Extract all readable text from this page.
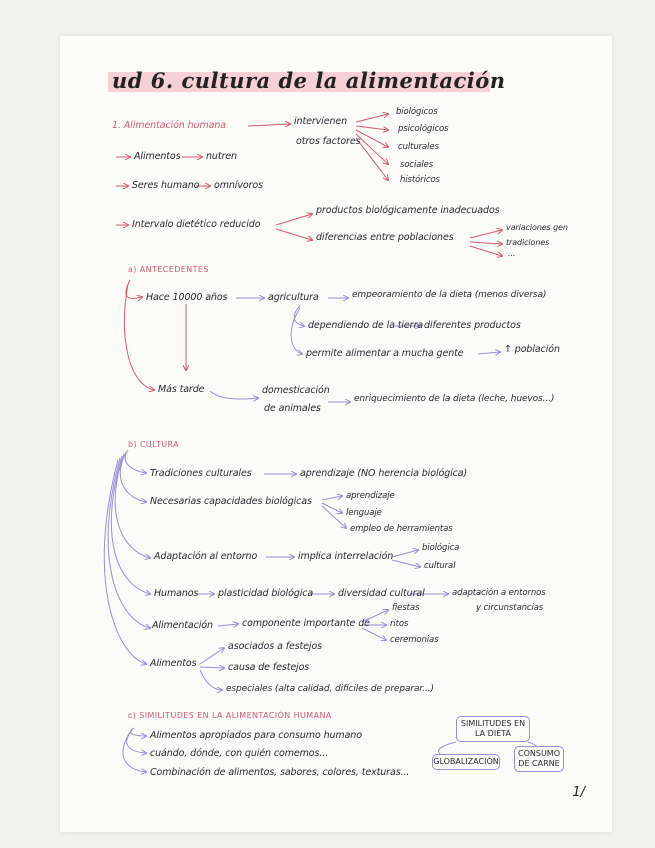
ud 6. cultura de la alimentación
1. Alimentación humana	intervienen
otros factores
biológicos
psicológicos
culturales
sociales
históricos
Alimentos	nutren
Seres humano omnívoros
Intervalo dietético reducido
productos biológicamente inadecuados
diferencias entre poblaciones
variaciones gen
tradiciones
...
a) ANTECEDENTES
Hace 10000 años	agricultura	empeoramiento de la dieta (menos diversa)
dependiendo de la tierra diferentes productos
permite alimentar a mucha gente	↑ población
Más tarde	domesticación
de animales
enriquecimiento de la dieta (leche, huevos...)
b) CULTURA
Tradiciones culturales	aprendizaje (NO herencia biológica)
Necesarias capacidades biológicas	aprendizaje
lenguaje
empleo de herramientas
Adaptación al entorno	implica interrelación
biológica
cultural
Humanos plasticidad biológica	diversidad cultural	adaptación a entornos
y circunstancias
Alimentación	componente importante de
fiestas
ritos
ceremonias
Alimentos
asociados a festejos
causa de festejos
especiales (alta calidad, difíciles de preparar...)
c) SIMILITUDES EN LA ALIMENTACIÓN HUMANA
Alimentos apropiados para consumo humano
cuándo, dónde, con quién comemos...
Combinación de alimentos, sabores, colores, texturas...
SIMILITUDES EN LA DIETA
GLOBALIZACIÓN
CONSUMO DE CARNE
1/
